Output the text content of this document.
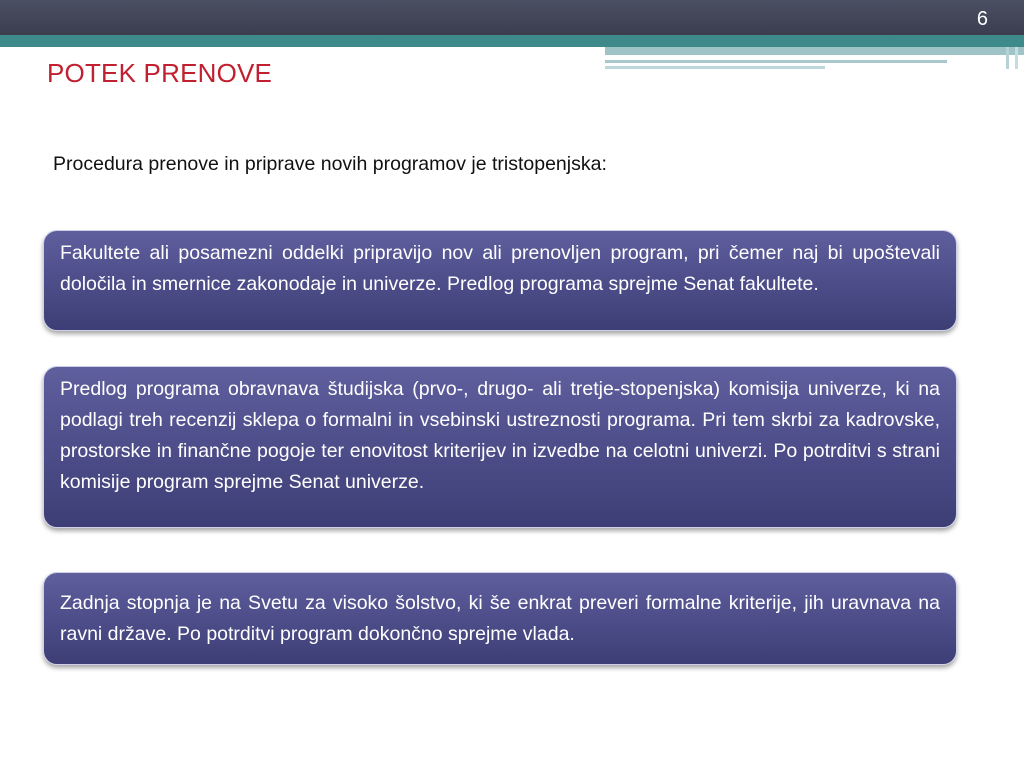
6
POTEK PRENOVE
Procedura prenove in priprave novih programov je tristopenjska:
Fakultete ali posamezni oddelki pripravijo nov ali prenovljen program, pri čemer naj bi upoštevali določila in smernice zakonodaje in univerze. Predlog programa sprejme Senat fakultete.
Predlog programa obravnava študijska (prvo-, drugo- ali tretje-stopenjska) komisija univerze, ki na podlagi treh recenzij sklepa o formalni in vsebinski ustreznosti programa. Pri tem skrbi za kadrovske, prostorske in finančne pogoje ter enovitost kriterijev in izvedbe na celotni univerzi. Po potrditvi s strani komisije program sprejme Senat univerze.
Zadnja stopnja je na Svetu za visoko šolstvo, ki še enkrat preveri formalne kriterije, jih uravnava na ravni države. Po potrditvi program dokončno sprejme vlada.
